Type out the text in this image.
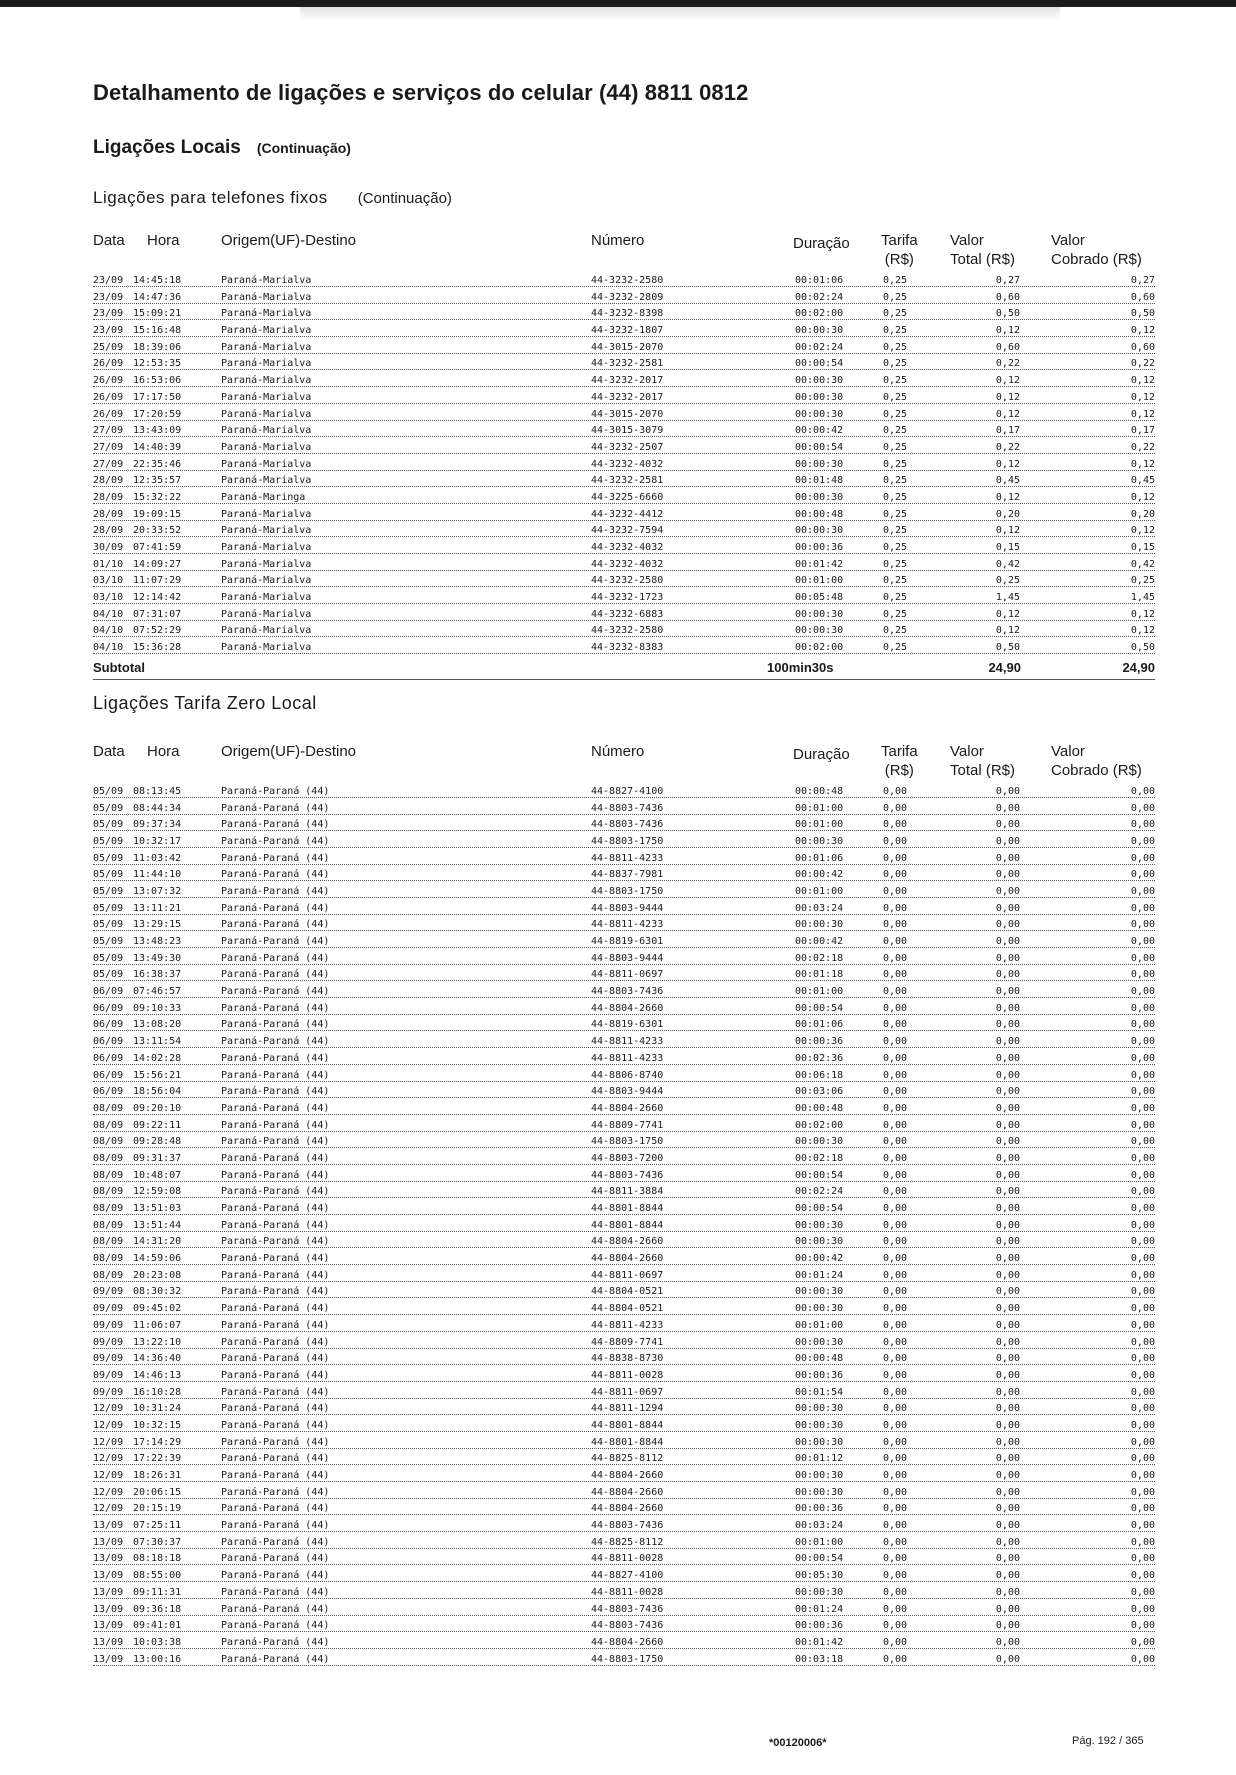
Detalhamento de ligações e serviços do celular (44) 8811 0812
Ligações Locais (Continuação)
Ligações para telefones fixos (Continuação)
Data Hora	Origem(UF)-Destino	Número	Duração Tarifa
(R$)
Valor
Total (R$)
Valor
Cobrado (R$)
23/09 14:45:18	Paraná-Marialva	44-3232-2580	00:01:06	0,25	0,27	0,27
23/09 14:47:36	Paraná-Marialva	44-3232-2809	00:02:24	0,25	0,60	0,60
23/09 15:09:21	Paraná-Marialva	44-3232-8398	00:02:00	0,25	0,50	0,50
23/09 15:16:48	Paraná-Marialva	44-3232-1807	00:00:30	0,25	0,12	0,12
25/09 18:39:06	Paraná-Marialva	44-3015-2070	00:02:24	0,25	0,60	0,60
26/09 12:53:35	Paraná-Marialva	44-3232-2581	00:00:54	0,25	0,22	0,22
26/09 16:53:06	Paraná-Marialva	44-3232-2017	00:00:30	0,25	0,12	0,12
26/09 17:17:50	Paraná-Marialva	44-3232-2017	00:00:30	0,25	0,12	0,12
26/09 17:20:59	Paraná-Marialva	44-3015-2070	00:00:30	0,25	0,12	0,12
27/09 13:43:09	Paraná-Marialva	44-3015-3079	00:00:42	0,25	0,17	0,17
27/09 14:40:39	Paraná-Marialva	44-3232-2507	00:00:54	0,25	0,22	0,22
27/09 22:35:46	Paraná-Marialva	44-3232-4032	00:00:30	0,25	0,12	0,12
28/09 12:35:57	Paraná-Marialva	44-3232-2581	00:01:48	0,25	0,45	0,45
28/09 15:32:22	Paraná-Maringa	44-3225-6660	00:00:30	0,25	0,12	0,12
28/09 19:09:15	Paraná-Marialva	44-3232-4412	00:00:48	0,25	0,20	0,20
28/09 20:33:52	Paraná-Marialva	44-3232-7594	00:00:30	0,25	0,12	0,12
30/09 07:41:59	Paraná-Marialva	44-3232-4032	00:00:36	0,25	0,15	0,15
01/10 14:09:27	Paraná-Marialva	44-3232-4032	00:01:42	0,25	0,42	0,42
03/10 11:07:29	Paraná-Marialva	44-3232-2580	00:01:00	0,25	0,25	0,25
03/10 12:14:42	Paraná-Marialva	44-3232-1723	00:05:48	0,25	1,45	1,45
04/10 07:31:07	Paraná-Marialva	44-3232-6883	00:00:30	0,25	0,12	0,12
04/10 07:52:29	Paraná-Marialva	44-3232-2580	00:00:30	0,25	0,12	0,12
04/10 15:36:28	Paraná-Marialva	44-3232-8383	00:02:00	0,25	0,50	0,50
Subtotal	100min30s	24,90	24,90
Ligações Tarifa Zero Local
Data Hora	Origem(UF)-Destino	Número	Duração Tarifa
(R$)
Valor
Total (R$)
Valor
Cobrado (R$)
05/09 08:13:45	Paraná-Paraná (44)	44-8827-4100	00:00:48	0,00	0,00	0,00
05/09 08:44:34	Paraná-Paraná (44)	44-8803-7436	00:01:00	0,00	0,00	0,00
05/09 09:37:34	Paraná-Paraná (44)	44-8803-7436	00:01:00	0,00	0,00	0,00
05/09 10:32:17	Paraná-Paraná (44)	44-8803-1750	00:00:30	0,00	0,00	0,00
05/09 11:03:42	Paraná-Paraná (44)	44-8811-4233	00:01:06	0,00	0,00	0,00
05/09 11:44:10	Paraná-Paraná (44)	44-8837-7981	00:00:42	0,00	0,00	0,00
05/09 13:07:32	Paraná-Paraná (44)	44-8803-1750	00:01:00	0,00	0,00	0,00
05/09 13:11:21	Paraná-Paraná (44)	44-8803-9444	00:03:24	0,00	0,00	0,00
05/09 13:29:15	Paraná-Paraná (44)	44-8811-4233	00:00:30	0,00	0,00	0,00
05/09 13:48:23	Paraná-Paraná (44)	44-8819-6301	00:00:42	0,00	0,00	0,00
05/09 13:49:30	Paraná-Paraná (44)	44-8803-9444	00:02:18	0,00	0,00	0,00
05/09 16:38:37	Paraná-Paraná (44)	44-8811-0697	00:01:18	0,00	0,00	0,00
06/09 07:46:57	Paraná-Paraná (44)	44-8803-7436	00:01:00	0,00	0,00	0,00
06/09 09:10:33	Paraná-Paraná (44)	44-8804-2660	00:00:54	0,00	0,00	0,00
06/09 13:08:20	Paraná-Paraná (44)	44-8819-6301	00:01:06	0,00	0,00	0,00
06/09 13:11:54	Paraná-Paraná (44)	44-8811-4233	00:00:36	0,00	0,00	0,00
06/09 14:02:28	Paraná-Paraná (44)	44-8811-4233	00:02:36	0,00	0,00	0,00
06/09 15:56:21	Paraná-Paraná (44)	44-8806-8740	00:06:18	0,00	0,00	0,00
06/09 18:56:04	Paraná-Paraná (44)	44-8803-9444	00:03:06	0,00	0,00	0,00
08/09 09:20:10	Paraná-Paraná (44)	44-8804-2660	00:00:48	0,00	0,00	0,00
08/09 09:22:11	Paraná-Paraná (44)	44-8809-7741	00:02:00	0,00	0,00	0,00
08/09 09:28:48	Paraná-Paraná (44)	44-8803-1750	00:00:30	0,00	0,00	0,00
08/09 09:31:37	Paraná-Paraná (44)	44-8803-7200	00:02:18	0,00	0,00	0,00
08/09 10:48:07	Paraná-Paraná (44)	44-8803-7436	00:00:54	0,00	0,00	0,00
08/09 12:59:08	Paraná-Paraná (44)	44-8811-3884	00:02:24	0,00	0,00	0,00
08/09 13:51:03	Paraná-Paraná (44)	44-8801-8844	00:00:54	0,00	0,00	0,00
08/09 13:51:44	Paraná-Paraná (44)	44-8801-8844	00:00:30	0,00	0,00	0,00
08/09 14:31:20	Paraná-Paraná (44)	44-8804-2660	00:00:30	0,00	0,00	0,00
08/09 14:59:06	Paraná-Paraná (44)	44-8804-2660	00:00:42	0,00	0,00	0,00
08/09 20:23:08	Paraná-Paraná (44)	44-8811-0697	00:01:24	0,00	0,00	0,00
09/09 08:30:32	Paraná-Paraná (44)	44-8804-0521	00:00:30	0,00	0,00	0,00
09/09 09:45:02	Paraná-Paraná (44)	44-8804-0521	00:00:30	0,00	0,00	0,00
09/09 11:06:07	Paraná-Paraná (44)	44-8811-4233	00:01:00	0,00	0,00	0,00
09/09 13:22:10	Paraná-Paraná (44)	44-8809-7741	00:00:30	0,00	0,00	0,00
09/09 14:36:40	Paraná-Paraná (44)	44-8838-8730	00:00:48	0,00	0,00	0,00
09/09 14:46:13	Paraná-Paraná (44)	44-8811-0028	00:00:36	0,00	0,00	0,00
09/09 16:10:28	Paraná-Paraná (44)	44-8811-0697	00:01:54	0,00	0,00	0,00
12/09 10:31:24	Paraná-Paraná (44)	44-8811-1294	00:00:30	0,00	0,00	0,00
12/09 10:32:15	Paraná-Paraná (44)	44-8801-8844	00:00:30	0,00	0,00	0,00
12/09 17:14:29	Paraná-Paraná (44)	44-8801-8844	00:00:30	0,00	0,00	0,00
12/09 17:22:39	Paraná-Paraná (44)	44-8825-8112	00:01:12	0,00	0,00	0,00
12/09 18:26:31	Paraná-Paraná (44)	44-8804-2660	00:00:30	0,00	0,00	0,00
12/09 20:06:15	Paraná-Paraná (44)	44-8804-2660	00:00:30	0,00	0,00	0,00
12/09 20:15:19	Paraná-Paraná (44)	44-8804-2660	00:00:36	0,00	0,00	0,00
13/09 07:25:11	Paraná-Paraná (44)	44-8803-7436	00:03:24	0,00	0,00	0,00
13/09 07:30:37	Paraná-Paraná (44)	44-8825-8112	00:01:00	0,00	0,00	0,00
13/09 08:18:18	Paraná-Paraná (44)	44-8811-0028	00:00:54	0,00	0,00	0,00
13/09 08:55:00	Paraná-Paraná (44)	44-8827-4100	00:05:30	0,00	0,00	0,00
13/09 09:11:31	Paraná-Paraná (44)	44-8811-0028	00:00:30	0,00	0,00	0,00
13/09 09:36:18	Paraná-Paraná (44)	44-8803-7436	00:01:24	0,00	0,00	0,00
13/09 09:41:01	Paraná-Paraná (44)	44-8803-7436	00:00:36	0,00	0,00	0,00
13/09 10:03:38	Paraná-Paraná (44)	44-8804-2660	00:01:42	0,00	0,00	0,00
13/09 13:00:16	Paraná-Paraná (44)	44-8803-1750	00:03:18	0,00	0,00	0,00
*00120006*	Pág. 192 / 365
